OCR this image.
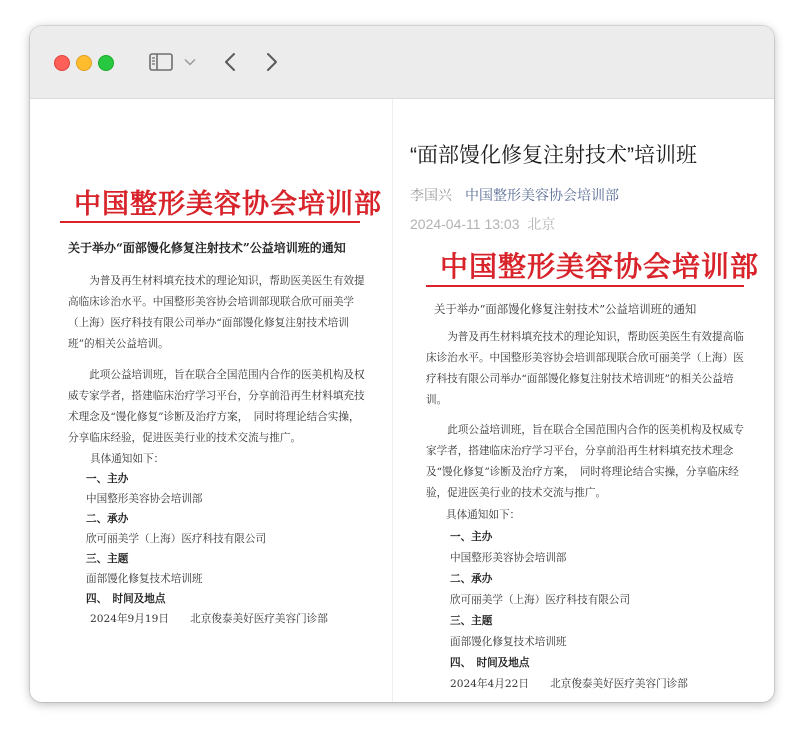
中国整形美容协会培训部
关于举办“面部馒化修复注射技术”公益培训班的通知
为普及再生材料填充技术的理论知识，帮助医美医生有效提高临床诊治水平。中国整形美容协会培训部现联合欣可丽美学（上海）医疗科技有限公司举办“面部馒化修复注射技术培训班”的相关公益培训。
此项公益培训班，旨在联合全国范围内合作的医美机构及权威专家学者，搭建临床治疗学习平台，分享前沿再生材料填充技术理念及“馒化修复”诊断及治疗方案，　同时将理论结合实操，分享临床经验，促进医美行业的技术交流与推广。
具体通知如下：
一、主办
中国整形美容协会培训部
二、承办
欣可丽美学（上海）医疗科技有限公司
三、主题
面部馒化修复技术培训班
四、　时间及地点
2024年9月19日　　北京俊泰美好医疗美容门诊部
“面部馒化修复注射技术”培训班
李国兴 中国整形美容协会培训部
2024-04-11 13:03 北京
中国整形美容协会培训部
关于举办“面部馒化修复注射技术”公益培训班的通知
为普及再生材料填充技术的理论知识，帮助医美医生有效提高临床诊治水平。中国整形美容协会培训部现联合欣可丽美学（上海）医疗科技有限公司举办“面部馒化修复注射技术培训班”的相关公益培训。
此项公益培训班，旨在联合全国范围内合作的医美机构及权威专家学者，搭建临床治疗学习平台，分享前沿再生材料填充技术理念及“馒化修复”诊断及治疗方案，　同时将理论结合实操，分享临床经验，促进医美行业的技术交流与推广。
具体通知如下：
一、主办
中国整形美容协会培训部
二、承办
欣可丽美学（上海）医疗科技有限公司
三、主题
面部馒化修复技术培训班
四、　时间及地点
2024年4月22日　　北京俊泰美好医疗美容门诊部
